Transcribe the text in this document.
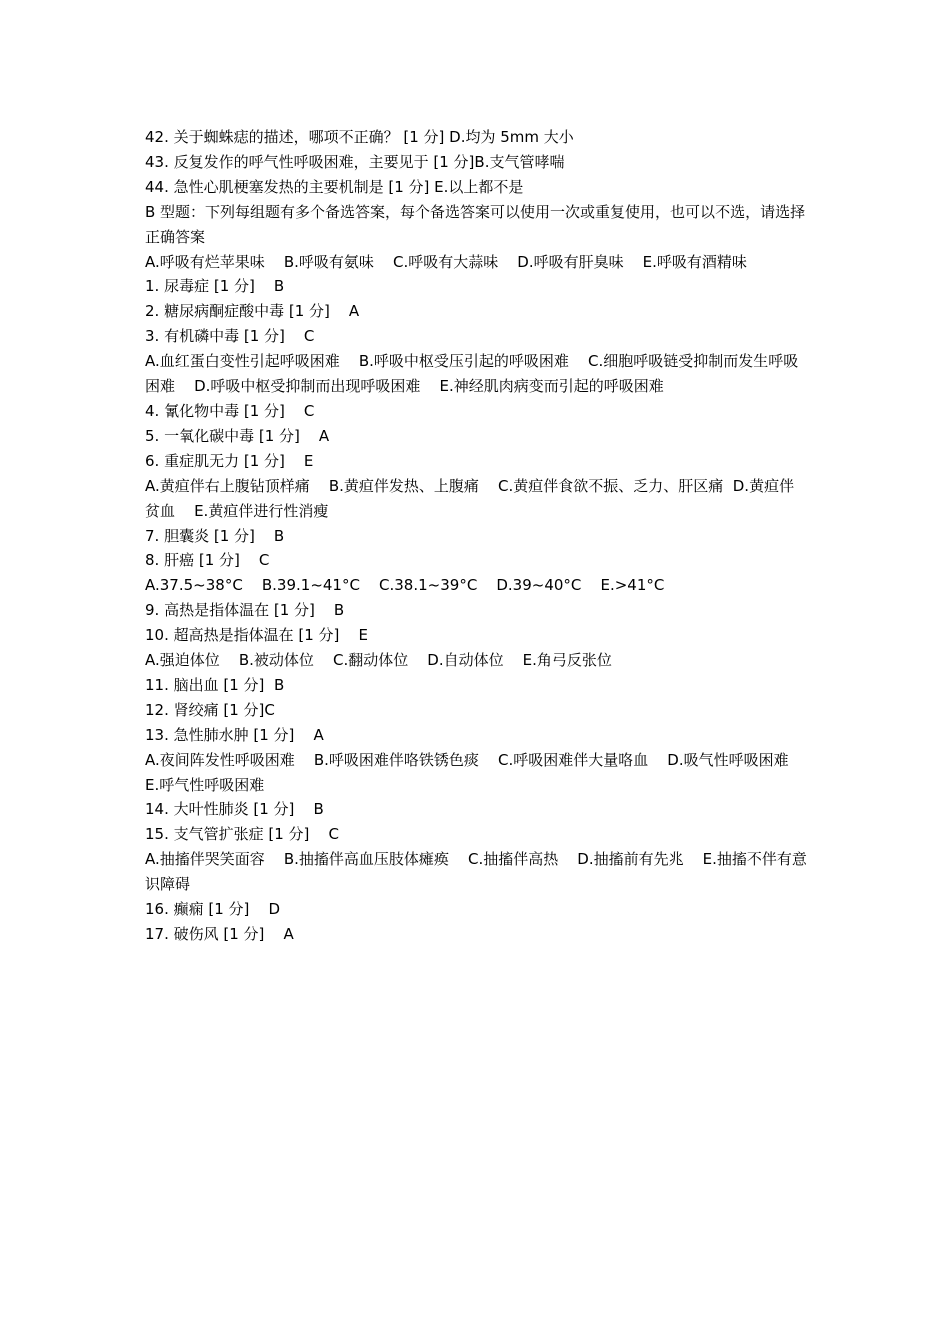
42. 关于蜘蛛痣的描述，哪项不正确？ [1 分] D.均为 5mm 大小

43. 反复发作的呼气性呼吸困难，主要见于 [1 分]B.支气管哮喘

44. 急性心肌梗塞发热的主要机制是 [1 分] E.以上都不是

B 型题：下列每组题有多个备选答案，每个备选答案可以使用一次或重复使用，也可以不选，请选择正确答案

A.呼吸有烂苹果味    B.呼吸有氨味    C.呼吸有大蒜味    D.呼吸有肝臭味    E.呼吸有酒精味

1. 尿毒症 [1 分]    B

2. 糖尿病酮症酸中毒 [1 分]    A

3. 有机磷中毒 [1 分]    C

A.血红蛋白变性引起呼吸困难    B.呼吸中枢受压引起的呼吸困难    C.细胞呼吸链受抑制而发生呼吸困难    D.呼吸中枢受抑制而出现呼吸困难    E.神经肌肉病变而引起的呼吸困难

4. 氰化物中毒 [1 分]    C

5. 一氧化碳中毒 [1 分]    A

6. 重症肌无力 [1 分]    E

A.黄疸伴右上腹钻顶样痛    B.黄疸伴发热、上腹痛    C.黄疸伴食欲不振、乏力、肝区痛  D.黄疸伴贫血    E.黄疸伴进行性消瘦

7. 胆囊炎 [1 分]    B

8. 肝癌 [1 分]    C

A.37.5~38°C    B.39.1~41°C    C.38.1~39°C    D.39~40°C    E.>41°C

9. 高热是指体温在 [1 分]    B

10. 超高热是指体温在 [1 分]    E

A.强迫体位    B.被动体位    C.翻动体位    D.自动体位    E.角弓反张位

11. 脑出血 [1 分]  B

12. 肾绞痛 [1 分]C

13. 急性肺水肿 [1 分]    A

A.夜间阵发性呼吸困难    B.呼吸困难伴咯铁锈色痰    C.呼吸困难伴大量咯血    D.吸气性呼吸困难    E.呼气性呼吸困难

14. 大叶性肺炎 [1 分]    B

15. 支气管扩张症 [1 分]    C

A.抽搐伴哭笑面容    B.抽搐伴高血压肢体瘫痪    C.抽搐伴高热    D.抽搐前有先兆    E.抽搐不伴有意识障碍

16. 癫痫 [1 分]    D

17. 破伤风 [1 分]    A
